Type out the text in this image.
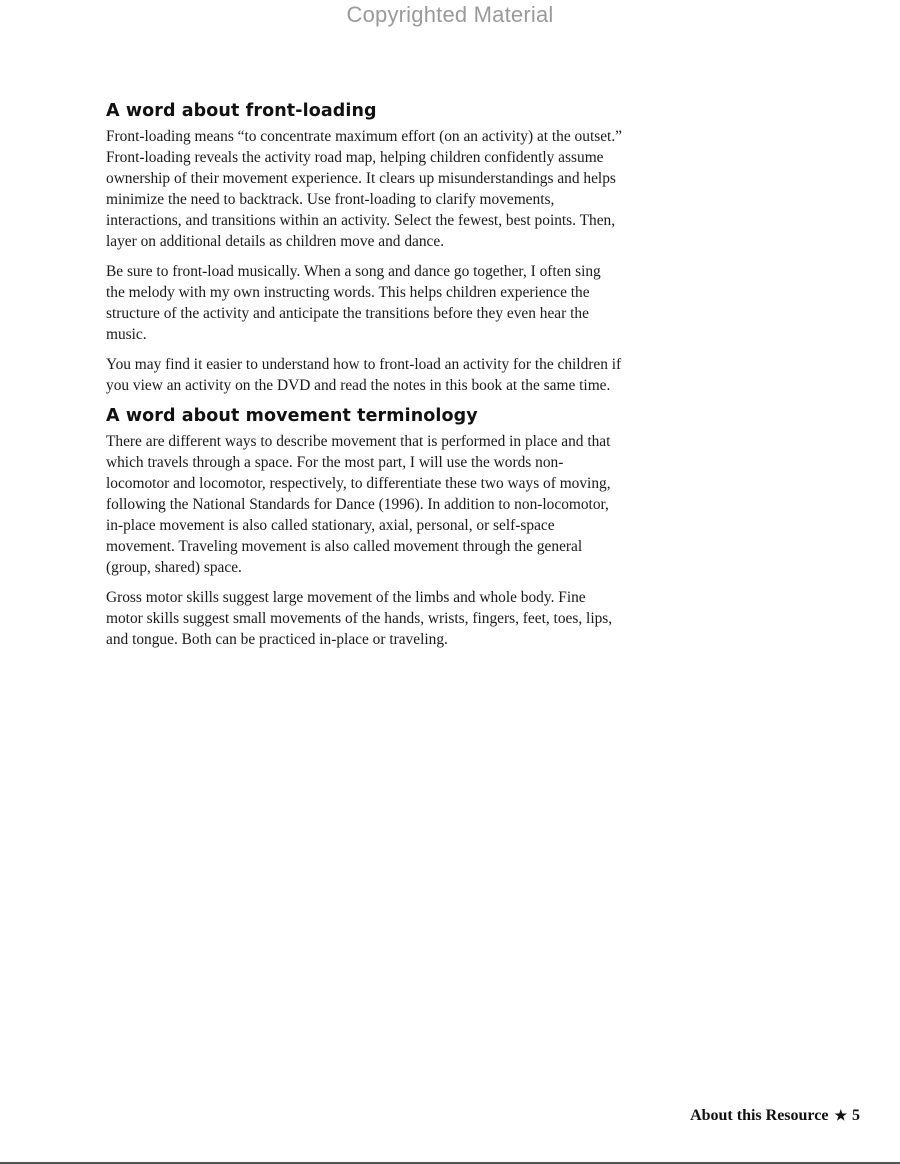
Copyrighted Material
A word about front-loading

Front-loading means “to concentrate maximum effort (on an activity) at the outset.” Front-loading reveals the activity road map, helping children confidently assume ownership of their movement experience. It clears up misunderstandings and helps minimize the need to backtrack. Use front-loading to clarify movements, interactions, and transitions within an activity. Select the fewest, best points. Then, layer on additional details as children move and dance.

Be sure to front-load musically. When a song and dance go together, I often sing the melody with my own instructing words. This helps children experience the structure of the activity and anticipate the transitions before they even hear the music.

You may find it easier to understand how to front-load an activity for the children if you view an activity on the DVD and read the notes in this book at the same time.

A word about movement terminology

There are different ways to describe movement that is performed in place and that which travels through a space. For the most part, I will use the words non-locomotor and locomotor, respectively, to differentiate these two ways of moving, following the National Standards for Dance (1996). In addition to non-locomotor, in-place movement is also called stationary, axial, personal, or self-space movement. Traveling movement is also called movement through the general (group, shared) space.

Gross motor skills suggest large movement of the limbs and whole body. Fine motor skills suggest small movements of the hands, wrists, fingers, feet, toes, lips, and tongue. Both can be practiced in-place or traveling.

About this Resource ★ 5
